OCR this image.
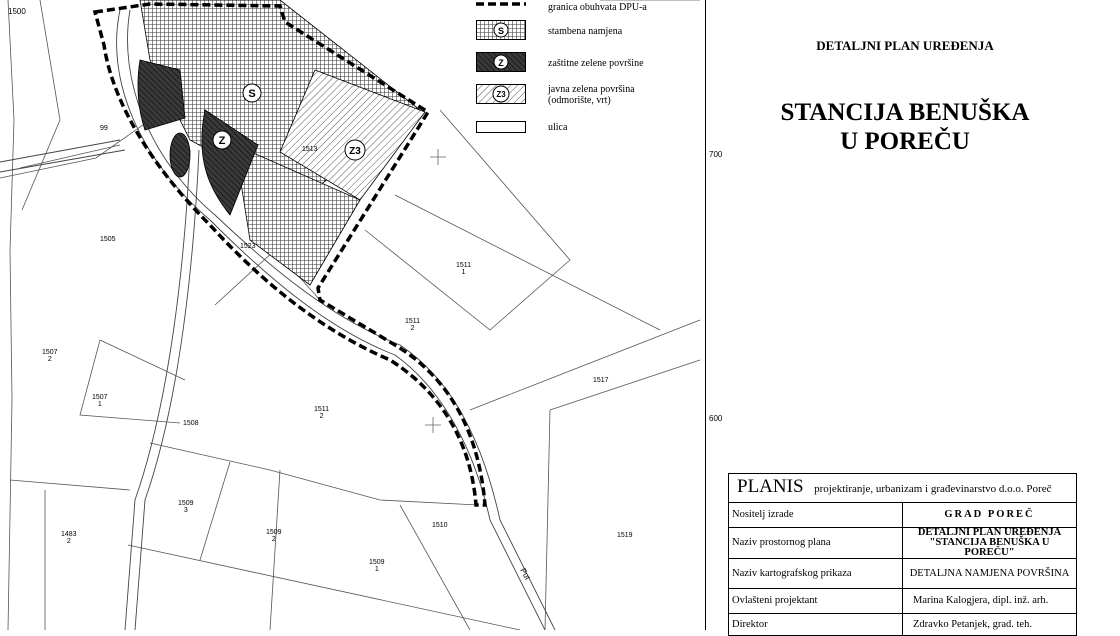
S
Z
Z3
Put
1500
1505
1507
2
1507
1
1508
1511
1
1511
2
1511
2
1517
1509
3
1509
2
1509
1
1483
2
1510
1519
99
1513
1523
granica obuhvata DPU-a
S	stambena namjena
Z	zaštitne zelene površine
Z3	javna zelena površina
(odmorište, vrt)
ulica
700
600
DETALJNI PLAN UREĐENJA
STANCIJA BENUŠKA
U POREČU
PLANIS projektiranje, urbanizam i građevinarstvo d.o.o. Poreč	
Nositelj izrade	GRAD POREČ
Naziv prostornog plana	DETALJNI PLAN UREĐENJA
"STANCIJA BENUŠKA U POREČU"

Naziv kartografskog prikaza	DETALJNA NAMJENA POVRŠINA
Ovlašteni projektant	Marina Kalogjera, dipl. inž. arh.
Direktor	Zdravko Petanjek, grad. teh.
